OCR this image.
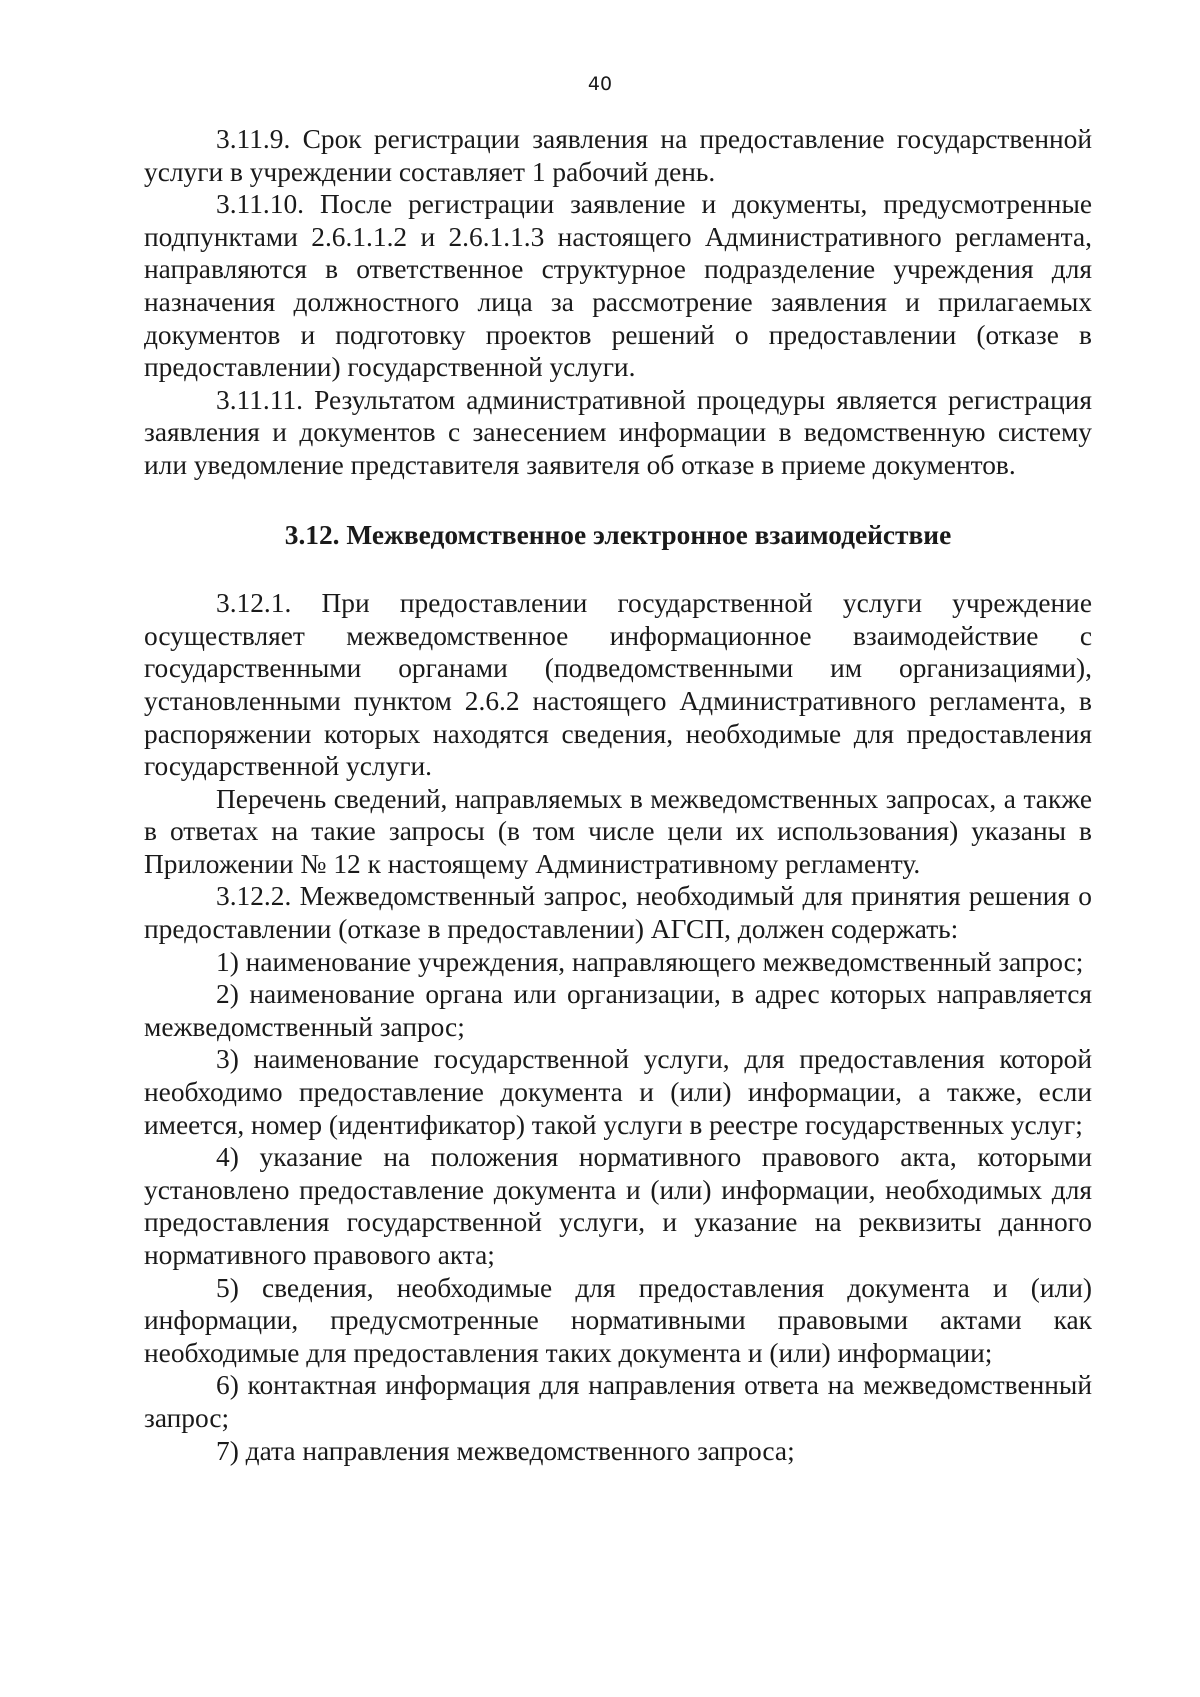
40

3.11.9. Срок регистрации заявления на предоставление государственной услуги в учреждении составляет 1 рабочий день.

3.11.10. После регистрации заявление и документы, предусмотренные подпунктами 2.6.1.1.2 и 2.6.1.1.3 настоящего Административного регламента, направляются в ответственное структурное подразделение учреждения для назначения должностного лица за рассмотрение заявления и прилагаемых документов и подготовку проектов решений о предоставлении (отказе в предоставлении) государственной услуги.

3.11.11. Результатом административной процедуры является регистрация заявления и документов с занесением информации в ведомственную систему или уведомление представителя заявителя об отказе в приеме документов.

3.12. Межведомственное электронное взаимодействие

3.12.1. При предоставлении государственной услуги учреждение осуществляет межведомственное информационное взаимодействие с государственными органами (подведомственными им организациями), установленными пунктом 2.6.2 настоящего Административного регламента, в распоряжении которых находятся сведения, необходимые для предоставления государственной услуги.

Перечень сведений, направляемых в межведомственных запросах, а также в ответах на такие запросы (в том числе цели их использования) указаны в Приложении № 12 к настоящему Административному регламенту.

3.12.2. Межведомственный запрос, необходимый для принятия решения о предоставлении (отказе в предоставлении) АГСП, должен содержать:

1) наименование учреждения, направляющего межведомственный запрос;

2) наименование органа или организации, в адрес которых направляется межведомственный запрос;

3) наименование государственной услуги, для предоставления которой необходимо предоставление документа и (или) информации, а также, если имеется, номер (идентификатор) такой услуги в реестре государственных услуг;

4) указание на положения нормативного правового акта, которыми установлено предоставление документа и (или) информации, необходимых для предоставления государственной услуги, и указание на реквизиты данного нормативного правового акта;

5) сведения, необходимые для предоставления документа и (или) информации, предусмотренные нормативными правовыми актами как необходимые для предоставления таких документа и (или) информации;

6) контактная информация для направления ответа на межведомственный запрос;

7) дата направления межведомственного запроса;
